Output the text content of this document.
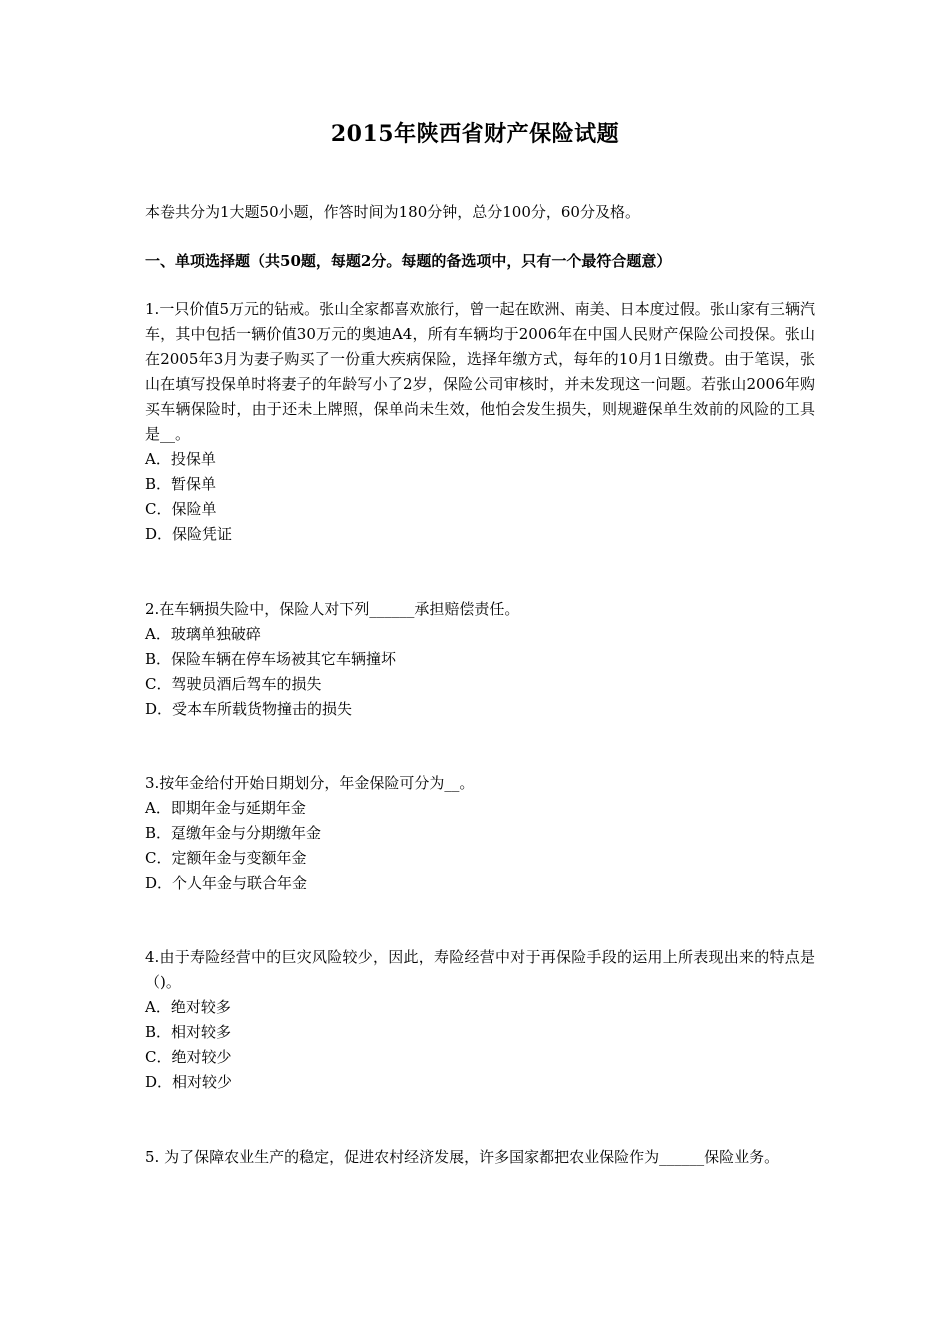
2015年陕西省财产保险试题
本卷共分为1大题50小题，作答时间为180分钟，总分100分，60分及格。
一、单项选择题（共50题，每题2分。每题的备选项中，只有一个最符合题意）
1.一只价值5万元的钻戒。张山全家都喜欢旅行，曾一起在欧洲、南美、日本度过假。张山家有三辆汽车，其中包括一辆价值30万元的奥迪A4，所有车辆均于2006年在中国人民财产保险公司投保。张山在2005年3月为妻子购买了一份重大疾病保险，选择年缴方式，每年的10月1日缴费。由于笔误，张山在填写投保单时将妻子的年龄写小了2岁，保险公司审核时，并未发现这一问题。若张山2006年购买车辆保险时，由于还未上牌照，保单尚未生效，他怕会发生损失，则规避保单生效前的风险的工具是__。
A．投保单
B．暂保单
C．保险单
D．保险凭证
2.在车辆损失险中，保险人对下列______承担赔偿责任。
A．玻璃单独破碎
B．保险车辆在停车场被其它车辆撞坏
C．驾驶员酒后驾车的损失
D．受本车所载货物撞击的损失
3.按年金给付开始日期划分，年金保险可分为__。
A．即期年金与延期年金
B．趸缴年金与分期缴年金
C．定额年金与变额年金
D．个人年金与联合年金
4.由于寿险经营中的巨灾风险较少，因此，寿险经营中对于再保险手段的运用上所表现出来的特点是（)。
A．绝对较多
B．相对较多
C．绝对较少
D．相对较少
5. 为了保障农业生产的稳定，促进农村经济发展，许多国家都把农业保险作为______保险业务。
